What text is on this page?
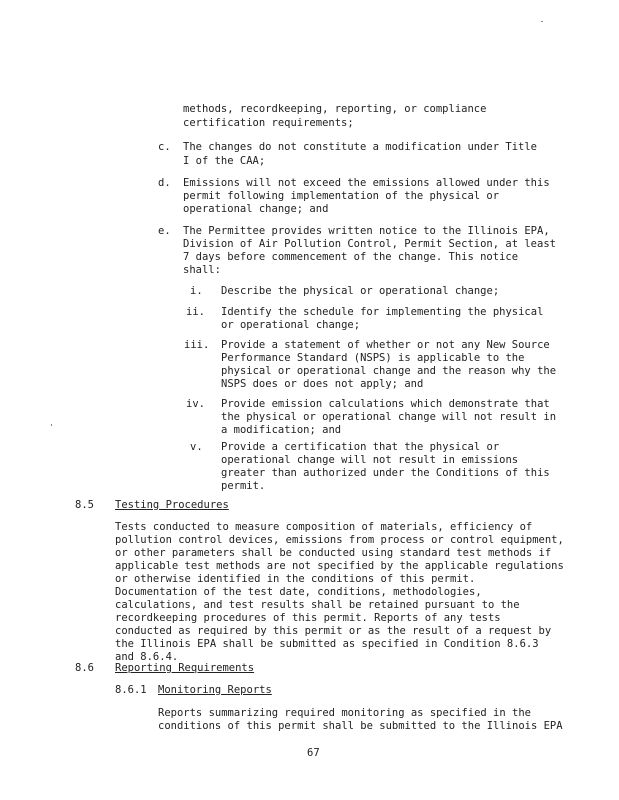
methods, recordkeeping, reporting, or compliance
certification requirements;
c. The changes do not constitute a modification under Title
I of the CAA;
d. Emissions will not exceed the emissions allowed under this
permit following implementation of the physical or
operational change; and
e. The Permittee provides written notice to the Illinois EPA,
Division of Air Pollution Control, Permit Section, at least
7 days before commencement of the change. This notice
shall:
i. Describe the physical or operational change;
ii. Identify the schedule for implementing the physical
or operational change;
iii. Provide a statement of whether or not any New Source
Performance Standard (NSPS) is applicable to the
physical or operational change and the reason why the
NSPS does or does not apply; and
iv. Provide emission calculations which demonstrate that
the physical or operational change will not result in
a modification; and
v. Provide a certification that the physical or
operational change will not result in emissions
greater than authorized under the Conditions of this
permit.
8.5 Testing Procedures
Tests conducted to measure composition of materials, efficiency of
pollution control devices, emissions from process or control equipment,
or other parameters shall be conducted using standard test methods if
applicable test methods are not specified by the applicable regulations
or otherwise identified in the conditions of this permit.
Documentation of the test date, conditions, methodologies,
calculations, and test results shall be retained pursuant to the
recordkeeping procedures of this permit. Reports of any tests
conducted as required by this permit or as the result of a request by
the Illinois EPA shall be submitted as specified in Condition 8.6.3
and 8.6.4.
8.6 Reporting Requirements
8.6.1 Monitoring Reports
Reports summarizing required monitoring as specified in the
conditions of this permit shall be submitted to the Illinois EPA
67
